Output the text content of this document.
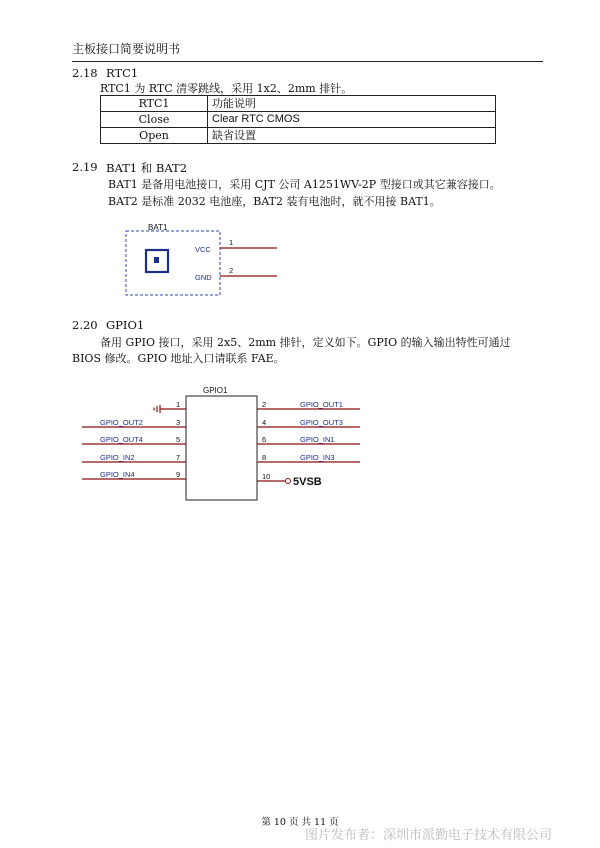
主板接口简要说明书
2.18 RTC1
RTC1 为 RTC 清零跳线，采用 1x2、2mm 排针。
RTC1	功能说明
Close	Clear RTC CMOS
Open	缺省设置
2.19 BAT1 和 BAT2
BAT1 是备用电池接口，采用 CJT 公司 A1251WV-2P 型接口或其它兼容接口。
BAT2 是标准 2032 电池座，BAT2 装有电池时，就不用接 BAT1。
BAT1
VCC
GND
1
2
GPIO1
1
3
GPIO_OUT2
5
GPIO_OUT4
7
GPIO_IN2
9
GPIO_IN4
2	GPIO_OUT1
4	GPIO_OUT3
6	GPIO_IN1
8	GPIO_IN3
10 5VSB
2.20 GPIO1
备用 GPIO 接口，采用 2x5、2mm 排针，定义如下。GPIO 的输入输出特性可通过
BIOS 修改。GPIO 地址入口请联系 FAE。
第 10 页 共 11 页
图片发布者：深圳市派勤电子技术有限公司
